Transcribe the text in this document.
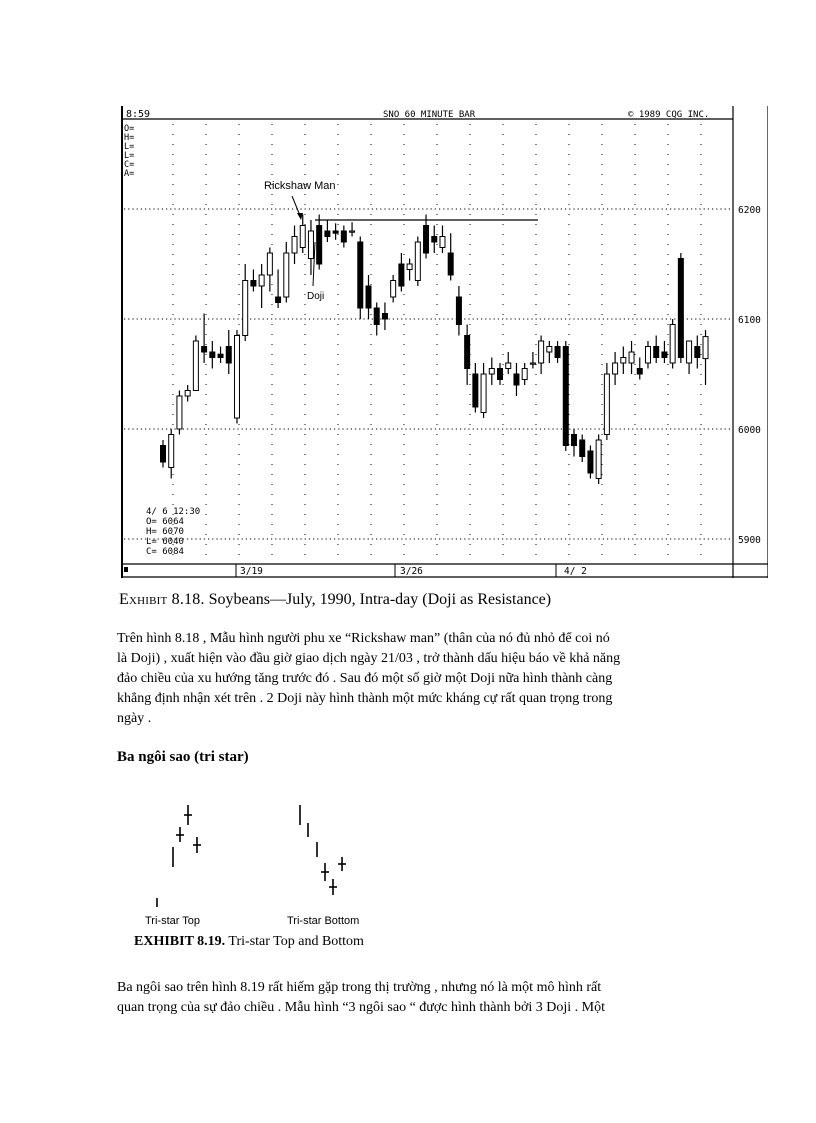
6200
6100
6000
5900
8:59	SNO 60 MINUTE BAR	© 1989 CQG INC.
O=
H=
L=
L=
C=
A=
Rickshaw Man
Doji
4/ 6 12:30
O= 6064
H= 6070
L= 6040
C= 6084
3/19	3/26	4/ 2
Exhibit 8.18. Soybeans—July, 1990, Intra-day (Doji as Resistance)
Trên hình 8.18 , Mẫu hình người phu xe “Rickshaw man” (thân của nó đủ nhỏ để coi nó
là Doji) , xuất hiện vào đầu giờ giao dịch ngày 21/03 , trở thành dấu hiệu báo về khả năng
đảo chiều của xu hướng tăng trước đó . Sau đó một số giờ một Doji nữa hình thành càng
khẳng định nhận xét trên . 2 Doji này hình thành một mức kháng cự rất quan trọng trong
ngày .
Ba ngôi sao (tri star)
Tri-star Top	Tri-star Bottom
EXHIBIT 8.19. Tri-star Top and Bottom
Ba ngôi sao trên hình 8.19 rất hiếm gặp trong thị trường , nhưng nó là một mô hình rất
quan trọng của sự đảo chiều . Mẫu hình “3 ngôi sao “ được hình thành bởi 3 Doji . Một
